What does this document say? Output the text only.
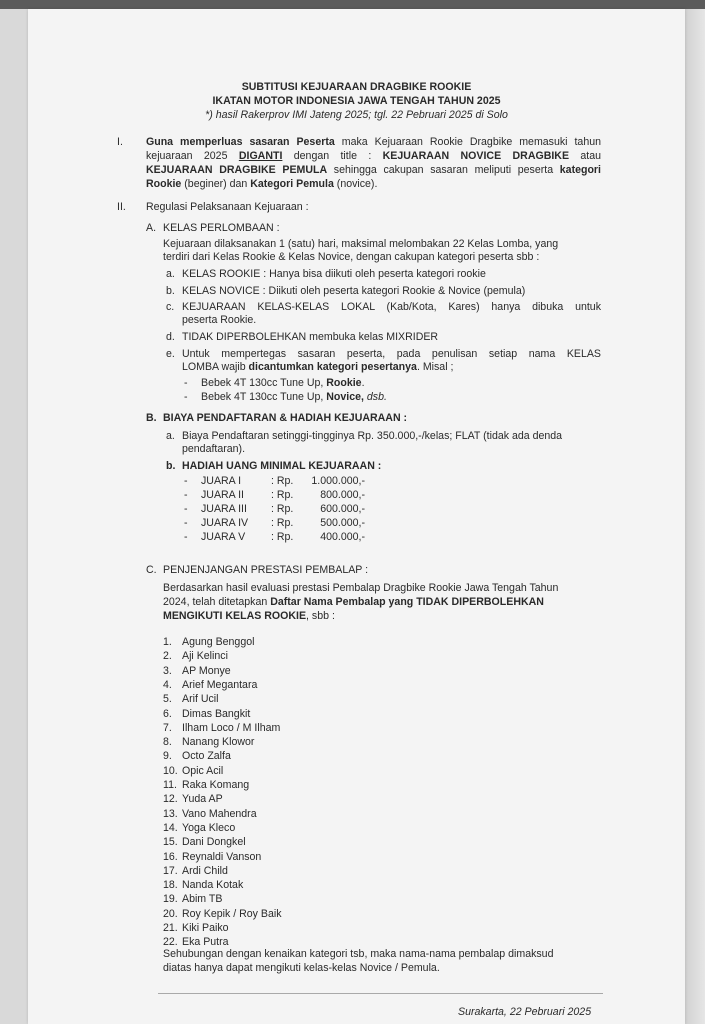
SUBTITUSI KEJUARAAN DRAGBIKE ROOKIE
IKATAN MOTOR INDONESIA JAWA TENGAH TAHUN 2025
*) hasil Rakerprov IMI Jateng 2025; tgl. 22 Pebruari 2025 di Solo
I. Guna memperluas sasaran Peserta maka Kejuaraan Rookie Dragbike memasuki tahun
kejuaraan 2025 DIGANTI dengan title : KEJUARAAN NOVICE DRAGBIKE atau
KEJUARAAN DRAGBIKE PEMULA sehingga cakupan sasaran meliputi peserta kategori
Rookie (beginer) dan Kategori Pemula (novice).
II. Regulasi Pelaksanaan Kejuaraan :
A. KELAS PERLOMBAAN :
Kejuaraan dilaksanakan 1 (satu) hari, maksimal melombakan 22 Kelas Lomba, yang
terdiri dari Kelas Rookie & Kelas Novice, dengan cakupan kategori peserta sbb :
a. KELAS ROOKIE : Hanya bisa diikuti oleh peserta kategori rookie
b. KELAS NOVICE : Diikuti oleh peserta kategori Rookie & Novice (pemula)
c. KEJUARAAN KELAS-KELAS LOKAL (Kab/Kota, Kares) hanya dibuka untuk
peserta Rookie.
d. TIDAK DIPERBOLEHKAN membuka kelas MIXRIDER
e. Untuk mempertegas sasaran peserta, pada penulisan setiap nama KELAS
LOMBA wajib dicantumkan kategori pesertanya. Misal ;
- Bebek 4T 130cc Tune Up, Rookie.
- Bebek 4T 130cc Tune Up, Novice, dsb.
B. BIAYA PENDAFTARAN & HADIAH KEJUARAAN :
a. Biaya Pendaftaran setinggi-tingginya Rp. 350.000,-/kelas; FLAT (tidak ada denda
pendaftaran).
b. HADIAH UANG MINIMAL KEJUARAAN :
- JUARA I	: Rp.	1.000.000,-
- JUARA II	: Rp.	800.000,-
- JUARA III : Rp.	600.000,-
- JUARA IV : Rp.	500.000,-
- JUARA V : Rp.	400.000,-
C. PENJENJANGAN PRESTASI PEMBALAP :
Berdasarkan hasil evaluasi prestasi Pembalap Dragbike Rookie Jawa Tengah Tahun
2024, telah ditetapkan Daftar Nama Pembalap yang TIDAK DIPERBOLEHKAN
MENGIKUTI KELAS ROOKIE, sbb :
1. Agung Benggol
2. Aji Kelinci
3. AP Monye
4. Arief Megantara
5. Arif Ucil
6. Dimas Bangkit
7. Ilham Loco / M Ilham
8. Nanang Klowor
9. Octo Zalfa
10. Opic Acil
11. Raka Komang
12. Yuda AP
13. Vano Mahendra
14. Yoga Kleco
15. Dani Dongkel
16. Reynaldi Vanson
17. Ardi Child
18. Nanda Kotak
19. Abim TB
20. Roy Kepik / Roy Baik
21. Kiki Paiko
22. Eka Putra
Sehubungan dengan kenaikan kategori tsb, maka nama-nama pembalap dimaksud
diatas hanya dapat mengikuti kelas-kelas Novice / Pemula.
Surakarta, 22 Pebruari 2025
